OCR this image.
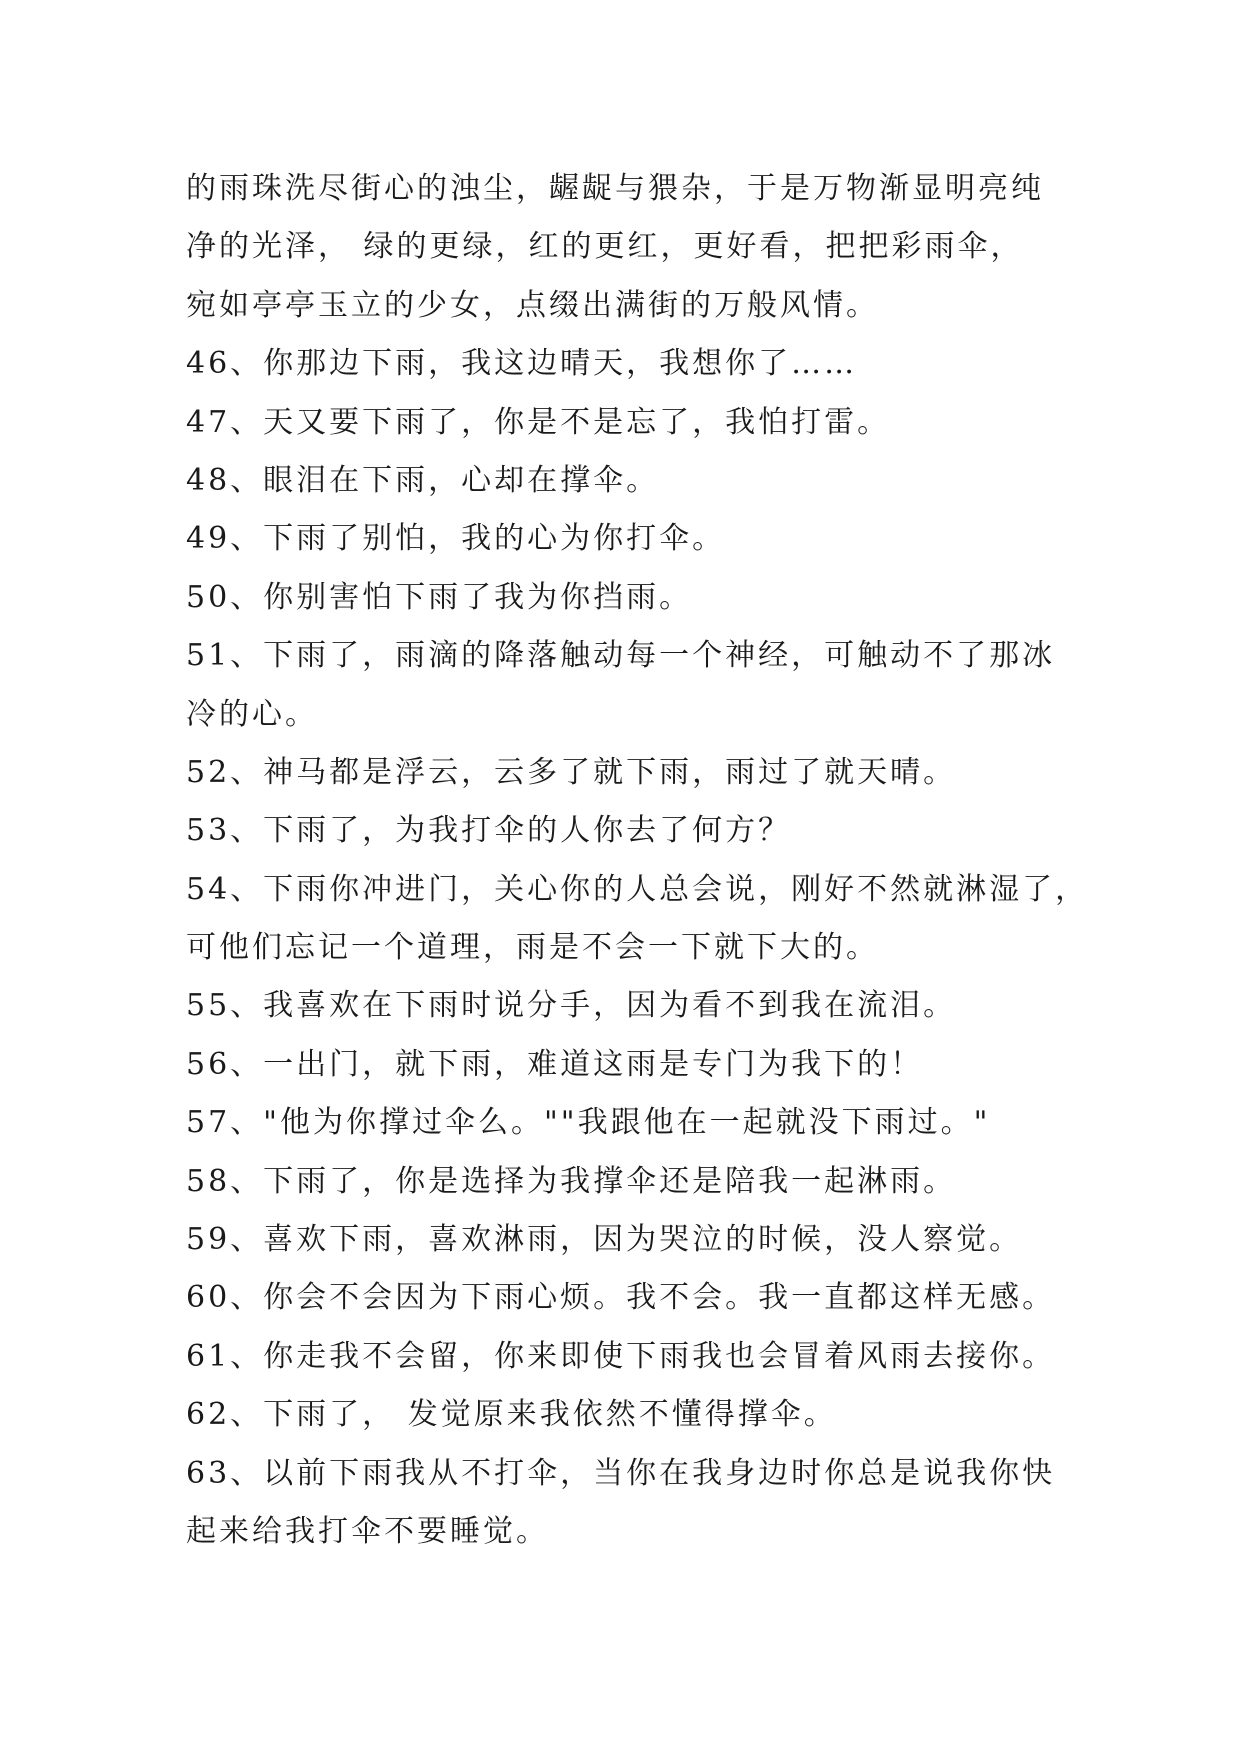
的雨珠洗尽街心的浊尘，龌龊与猥杂，于是万物渐显明亮纯
净的光泽， 绿的更绿，红的更红，更好看，把把彩雨伞，
宛如亭亭玉立的少女，点缀出满街的万般风情。
46、你那边下雨，我这边晴天，我想你了……
47、天又要下雨了，你是不是忘了，我怕打雷。
48、眼泪在下雨，心却在撑伞。
49、下雨了别怕，我的心为你打伞。
50、你别害怕下雨了我为你挡雨。
51、下雨了，雨滴的降落触动每一个神经，可触动不了那冰
冷的心。
52、神马都是浮云，云多了就下雨，雨过了就天晴。
53、下雨了，为我打伞的人你去了何方？
54、下雨你冲进门，关心你的人总会说，刚好不然就淋湿了，
可他们忘记一个道理，雨是不会一下就下大的。
55、我喜欢在下雨时说分手，因为看不到我在流泪。
56、一出门，就下雨，难道这雨是专门为我下的！
57、"他为你撑过伞么。""我跟他在一起就没下雨过。"
58、下雨了，你是选择为我撑伞还是陪我一起淋雨。
59、喜欢下雨，喜欢淋雨，因为哭泣的时候，没人察觉。
60、你会不会因为下雨心烦。我不会。我一直都这样无感。
61、你走我不会留，你来即使下雨我也会冒着风雨去接你。
62、下雨了， 发觉原来我依然不懂得撑伞。
63、以前下雨我从不打伞，当你在我身边时你总是说我你快
起来给我打伞不要睡觉。
